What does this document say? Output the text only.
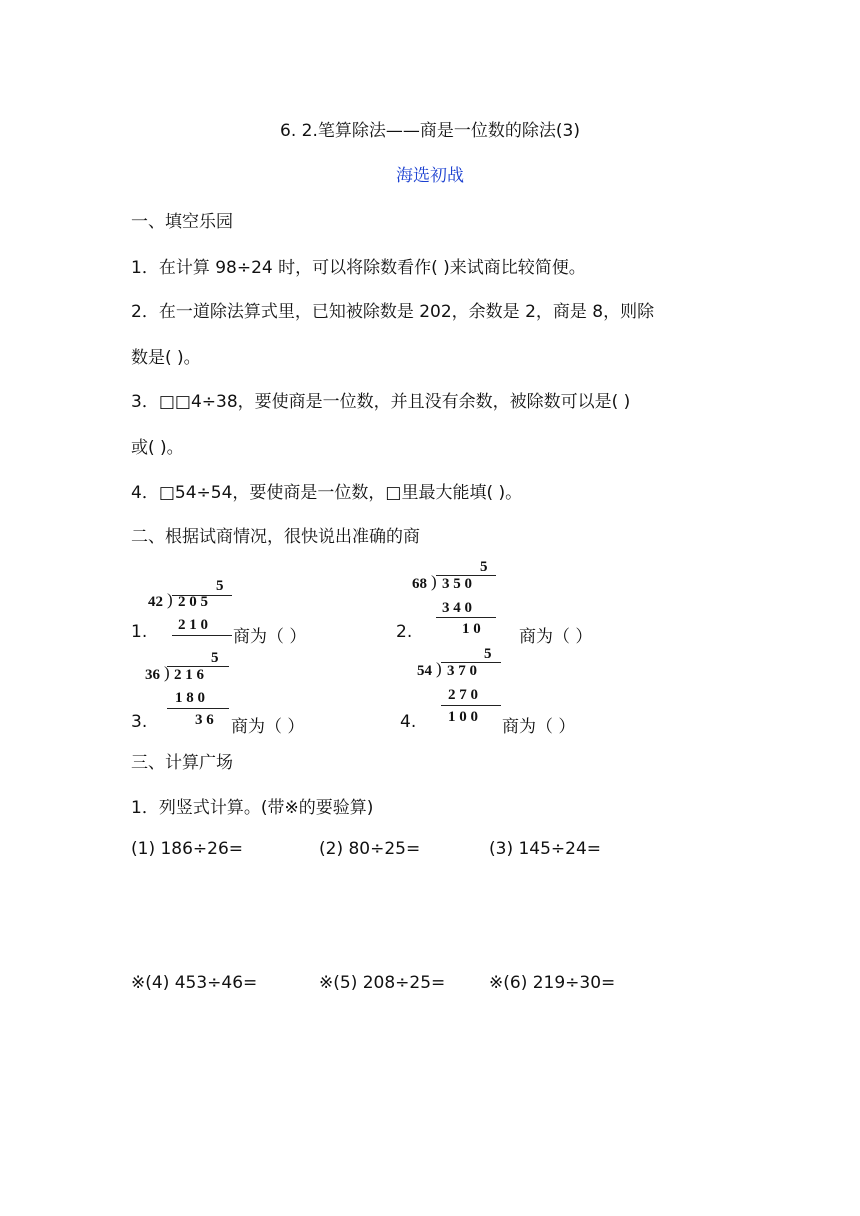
6. 2.笔算除法——商是一位数的除法(3)
海选初战
一、填空乐园
1．在计算 98÷24 时，可以将除数看作( )来试商比较简便。
2．在一道除法算式里，已知被除数是 202，余数是 2，商是 8，则除
数是( )。
3．□□4÷38，要使商是一位数，并且没有余数，被除数可以是( )
或( )。
4．□54÷54，要使商是一位数，□里最大能填( )。
二、根据试商情况，很快说出准确的商
5
42 ) 2 0 5
2 1 0
1.	商为（ ）
5
68 ) 3 5 0
3 4 0
1 0
2.	商为（ ）
5
36 ) 2 1 6
1 8 0
3 6
3.	商为（ ）
5
54 ) 3 7 0
2 7 0
1 0 0
4.	商为（ ）
三、计算广场
1．列竖式计算。(带※的要验算)
(1) 186÷26=	(2) 80÷25=	(3) 145÷24=
※(4) 453÷46=	※(5) 208÷25=	※(6) 219÷30=
